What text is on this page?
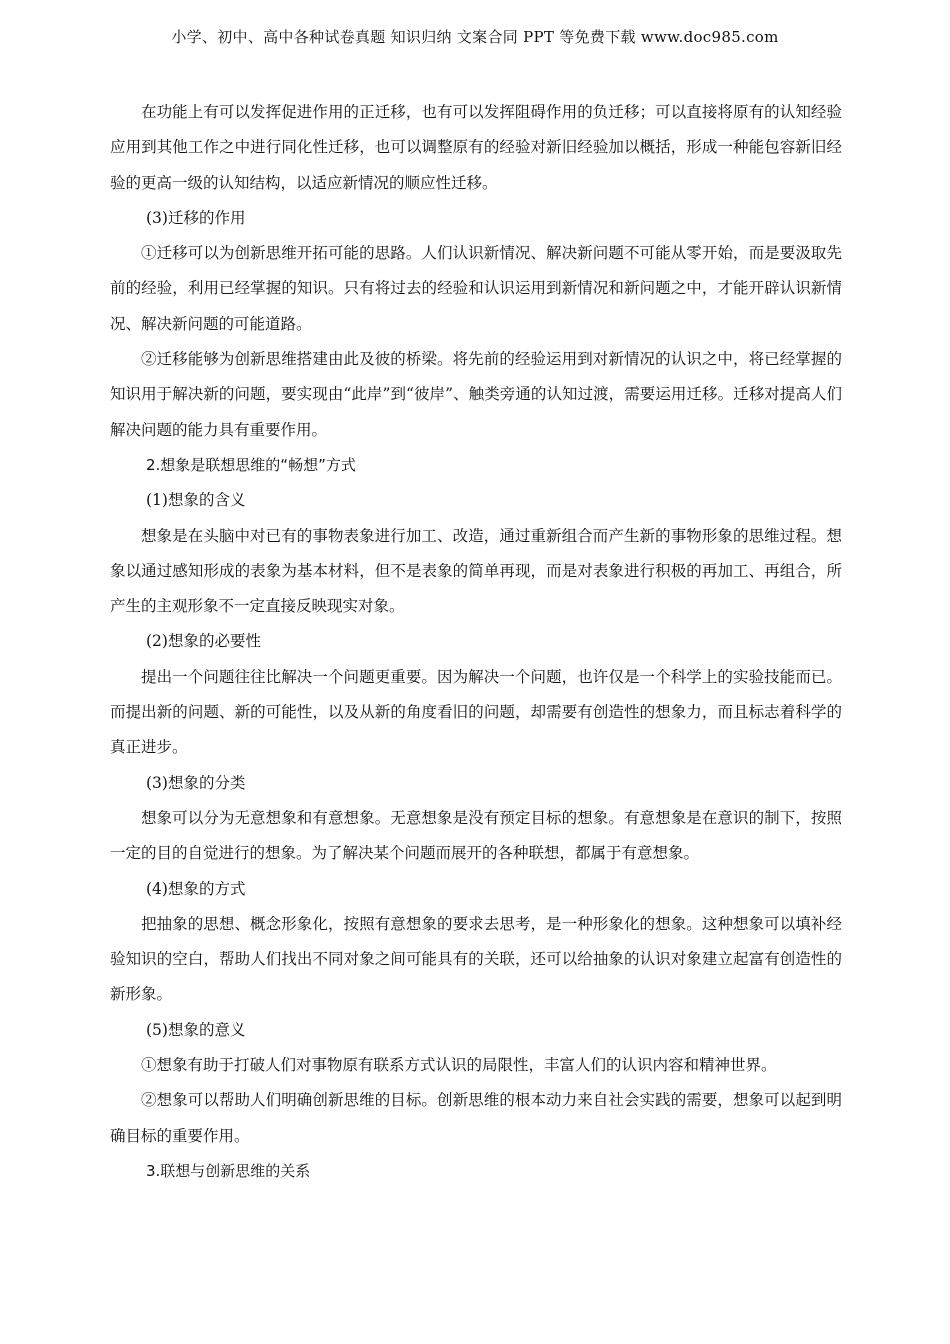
小学、初中、高中各种试卷真题 知识归纳 文案合同 PPT 等免费下载 www.doc985.com

在功能上有可以发挥促进作用的正迁移，也有可以发挥阻碍作用的负迁移；可以直接将原有的认知经验应用到其他工作之中进行同化性迁移，也可以调整原有的经验对新旧经验加以概括，形成一种能包容新旧经验的更高一级的认知结构，以适应新情况的顺应性迁移。

(3)迁移的作用

①迁移可以为创新思维开拓可能的思路。人们认识新情况、解决新问题不可能从零开始，而是要汲取先前的经验，利用已经掌握的知识。只有将过去的经验和认识运用到新情况和新问题之中，才能开辟认识新情况、解决新问题的可能道路。

②迁移能够为创新思维搭建由此及彼的桥梁。将先前的经验运用到对新情况的认识之中，将已经掌握的知识用于解决新的问题，要实现由“此岸”到“彼岸”、触类旁通的认知过渡，需要运用迁移。迁移对提高人们解决问题的能力具有重要作用。

2.想象是联想思维的“畅想”方式

(1)想象的含义

想象是在头脑中对已有的事物表象进行加工、改造，通过重新组合而产生新的事物形象的思维过程。想象以通过感知形成的表象为基本材料，但不是表象的简单再现，而是对表象进行积极的再加工、再组合，所产生的主观形象不一定直接反映现实对象。

(2)想象的必要性

提出一个问题往往比解决一个问题更重要。因为解决一个问题，也许仅是一个科学上的实验技能而已。而提出新的问题、新的可能性，以及从新的角度看旧的问题，却需要有创造性的想象力，而且标志着科学的真正进步。

(3)想象的分类

想象可以分为无意想象和有意想象。无意想象是没有预定目标的想象。有意想象是在意识的制下，按照一定的目的自觉进行的想象。为了解决某个问题而展开的各种联想，都属于有意想象。

(4)想象的方式

把抽象的思想、概念形象化，按照有意想象的要求去思考，是一种形象化的想象。这种想象可以填补经验知识的空白，帮助人们找出不同对象之间可能具有的关联，还可以给抽象的认识对象建立起富有创造性的新形象。

(5)想象的意义

①想象有助于打破人们对事物原有联系方式认识的局限性，丰富人们的认识内容和精神世界。

②想象可以帮助人们明确创新思维的目标。创新思维的根本动力来自社会实践的需要，想象可以起到明确目标的重要作用。

3.联想与创新思维的关系
